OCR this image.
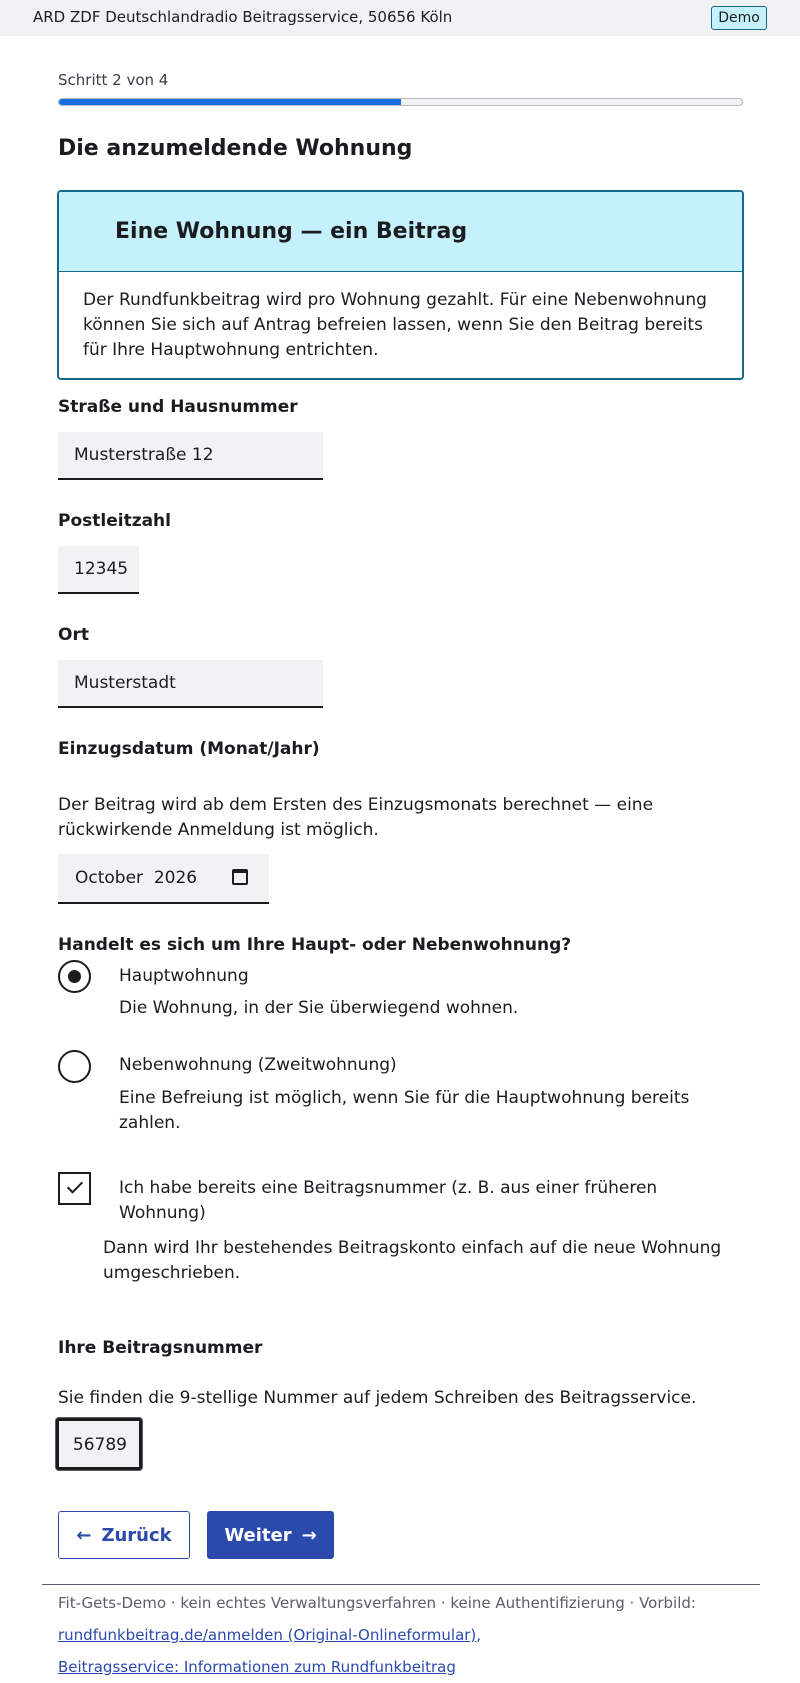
ARD ZDF Deutschlandradio Beitragsservice, 50656 Köln	Demo
Schritt 2 von 4
Die anzumeldende Wohnung
Eine Wohnung — ein Beitrag
Der Rundfunkbeitrag wird pro Wohnung gezahlt. Für eine Nebenwohnung können Sie sich auf Antrag befreien lassen, wenn Sie den Beitrag bereits für Ihre Hauptwohnung entrichten.
Straße und Hausnummer
Musterstraße 12
Postleitzahl
12345
Ort
Musterstadt
Einzugsdatum (Monat/Jahr)
Der Beitrag wird ab dem Ersten des Einzugsmonats berechnet — eine rückwirkende Anmeldung ist möglich.
October  2026
Handelt es sich um Ihre Haupt- oder Nebenwohnung?
Hauptwohnung
Die Wohnung, in der Sie überwiegend wohnen.
Nebenwohnung (Zweitwohnung)
Eine Befreiung ist möglich, wenn Sie für die Hauptwohnung bereits zahlen.
Ich habe bereits eine Beitragsnummer (z. B. aus einer früheren Wohnung)
Dann wird Ihr bestehendes Beitragskonto einfach auf die neue Wohnung umgeschrieben.
Ihre Beitragsnummer
Sie finden die 9-stellige Nummer auf jedem Schreiben des Beitragsservice.
56789
← Zurück	Weiter →
Fit-Gets-Demo · kein echtes Verwaltungsverfahren · keine Authentifizierung · Vorbild:
rundfunkbeitrag.de/anmelden (Original-Onlineformular),
Beitragsservice: Informationen zum Rundfunkbeitrag
